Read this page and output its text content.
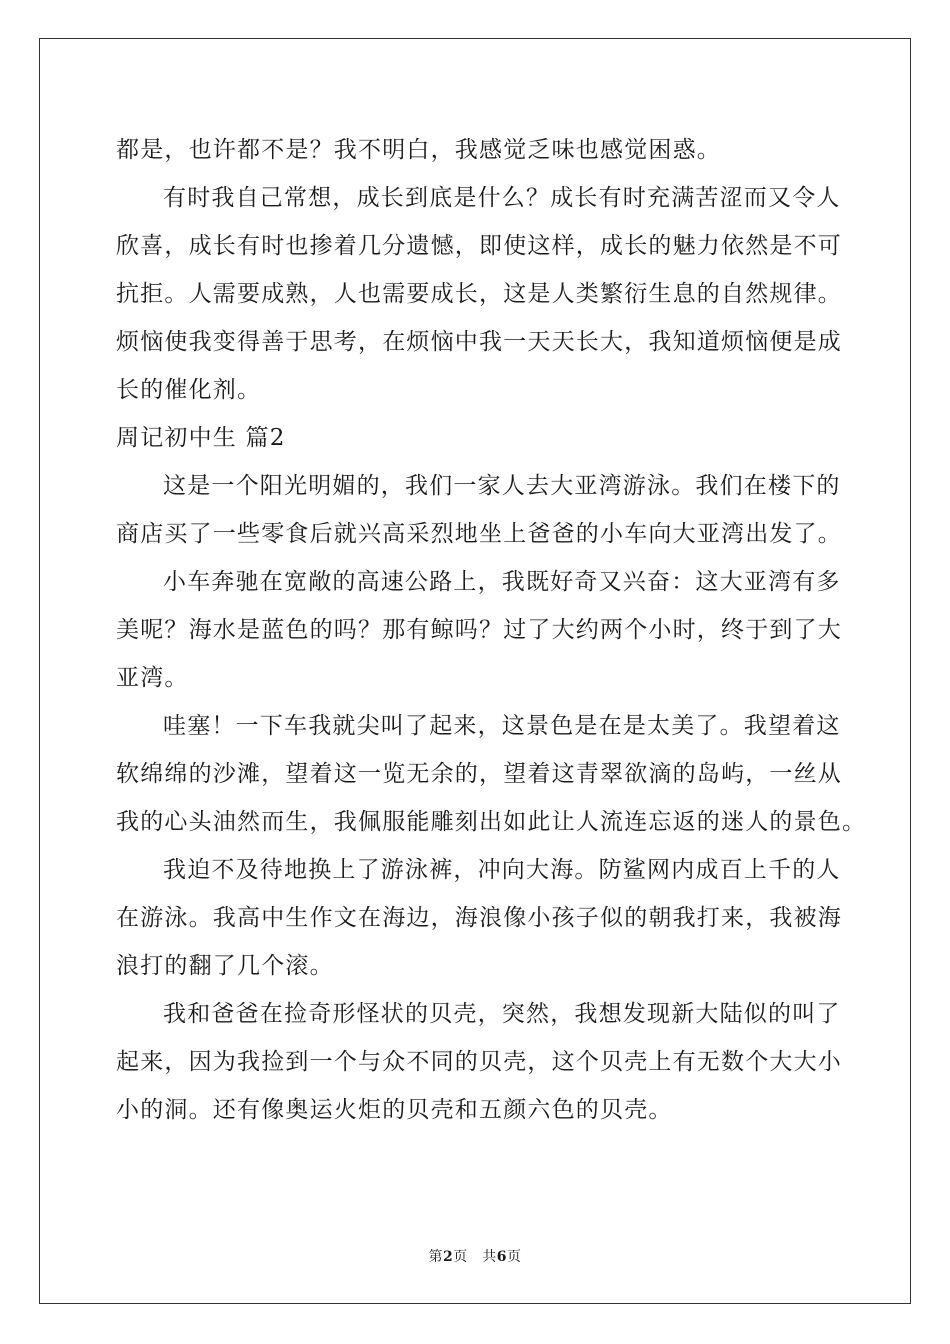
都是，也许都不是？我不明白，我感觉乏味也感觉困惑。
有时我自己常想，成长到底是什么？成长有时充满苦涩而又令人
欣喜，成长有时也掺着几分遗憾，即使这样，成长的魅力依然是不可
抗拒。人需要成熟，人也需要成长，这是人类繁衍生息的自然规律。
烦恼使我变得善于思考，在烦恼中我一天天长大，我知道烦恼便是成
长的催化剂。
周记初中生 篇2
这是一个阳光明媚的，我们一家人去大亚湾游泳。我们在楼下的
商店买了一些零食后就兴高采烈地坐上爸爸的小车向大亚湾出发了。
小车奔驰在宽敞的高速公路上，我既好奇又兴奋：这大亚湾有多
美呢？海水是蓝色的吗？那有鲸吗？过了大约两个小时，终于到了大
亚湾。
哇塞！一下车我就尖叫了起来，这景色是在是太美了。我望着这
软绵绵的沙滩，望着这一览无余的，望着这青翠欲滴的岛屿，一丝从
我的心头油然而生，我佩服能雕刻出如此让人流连忘返的迷人的景色。
我迫不及待地换上了游泳裤，冲向大海。防鲨网内成百上千的人
在游泳。我高中生作文在海边，海浪像小孩子似的朝我打来，我被海
浪打的翻了几个滚。
我和爸爸在捡奇形怪状的贝壳，突然，我想发现新大陆似的叫了
起来，因为我捡到一个与众不同的贝壳，这个贝壳上有无数个大大小
小的洞。还有像奥运火炬的贝壳和五颜六色的贝壳。
第2页　共6页
